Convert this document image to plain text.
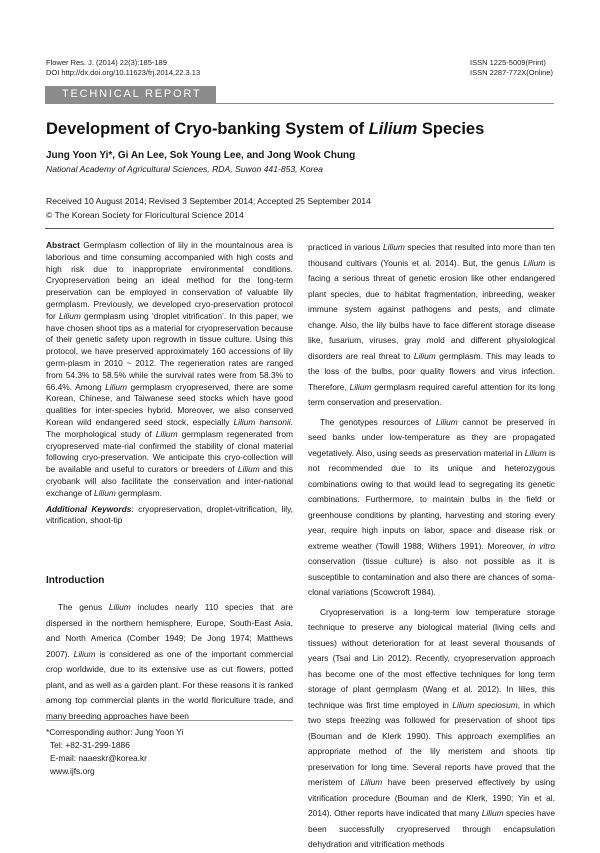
Flower Res. J. (2014) 22(3):185-189
DOI http://dx.doi.org/10.11623/frj.2014.22.3.13
ISSN 1225-5009(Print)
ISSN 2287-772X(Online)
TECHNICAL REPORT
Development of Cryo-banking System of Lilium Species
Jung Yoon Yi*, Gi An Lee, Sok Young Lee, and Jong Wook Chung
National Academy of Agricultural Sciences, RDA, Suwon 441-853, Korea
Received 10 August 2014; Revised 3 September 2014; Accepted 25 September 2014
© The Korean Society for Floricultural Science 2014

Abstract Germplasm collection of lily in the mountainous area is laborious and time consuming accompanied with high costs and high risk due to inappropriate environmental conditions. Cryopreservation being an ideal method for the long-term preservation can be employed in conservation of valuable lily germplasm. Previously, we developed cryo-preservation protocol for Lilium germplasm using ‘droplet vitrification’. In this paper, we have chosen shoot tips as a material for cryopreservation because of their genetic safety upon regrowth in tissue culture. Using this protocol, we have preserved approximately 160 accessions of lily germ-plasm in 2010 ~ 2012. The regeneration rates are ranged from 54.3% to 58.5% while the survival rates were from 58.3% to 66.4%. Among Lilium germplasm cryopreserved, there are some Korean, Chinese, and Taiwanese seed stocks which have good qualities for inter-species hybrid. Moreover, we also conserved Korean wild endangered seed stock, especially Lilium hansonii. The morphological study of Lilium germplasm regenerated from cryopreserved mate-rial confirmed the stability of clonal material following cryo-preservation. We anticipate this cryo-collection will be available and useful to curators or breeders of Lilium and this cryobank will also facilitate the conservation and inter-national exchange of Lilium germplasm.

Additional Keywords: cryopreservation, droplet-vitrification, lily, vitrification, shoot-tip

Introduction

The genus Lilium includes nearly 110 species that are dispersed in the northern hemisphere, Europe, South-East Asia, and North America (Comber 1949; De Jong 1974; Matthews 2007). Lilium is considered as one of the important commercial crop worldwide, due to its extensive use as cut flowers, potted plant, and as well as a garden plant. For these reasons it is ranked among top commercial plants in the world floriculture trade, and many breeding approaches have been

*Corresponding author: Jung Yoon Yi
Tel: +82-31-299-1886
E-mail: naaeskr@korea.kr
www.ijfs.org

practiced in various Lilium species that resulted into more than ten thousand cultivars (Younis et al. 2014). But, the genus Lilium is facing a serious threat of genetic erosion like other endangered plant species, due to habitat fragmentation, inbreeding, weaker immune system against pathogens and pests, and climate change. Also, the lily bulbs have to face different storage disease like, fusarium, viruses, gray mold and different physiological disorders are real threat to Lilium germplasm. This may leads to the loss of the bulbs, poor quality flowers and virus infection. Therefore, Lilium germplasm required careful attention for its long term conservation and preservation.

The genotypes resources of Lilium cannot be preserved in seed banks under low-temperature as they are propagated vegetatively. Also, using seeds as preservation material in Lilium is not recommended due to its unique and heterozygous combinations owing to that would lead to segregating its genetic combinations. Furthermore, to maintain bulbs in the field or greenhouse conditions by planting, harvesting and storing every year, require high inputs on labor, space and disease risk or extreme weather (Towill 1988; Withers 1991). Moreover, in vitro conservation (tissue culture) is also not possible as it is susceptible to contamination and also there are chances of soma-clonal variations (Scowcroft 1984).

Cryopreservation is a long-term low temperature storage technique to preserve any biological material (living cells and tissues) without deterioration for at least several thousands of years (Tsai and Lin 2012). Recently, cryopreservation approach has become one of the most effective techniques for long term storage of plant germplasm (Wang et al. 2012). In lilies, this technique was first time employed in Lilium speciosum, in which two steps freezing was followed for preservation of shoot tips (Bouman and de Klerk 1990). This approach exemplifies an appropriate method of the lily meristem and shoots tip preservation for long time. Several reports have proved that the meristem of Lilium have been preserved effectively by using vitrification procedure (Bouman and de Klerk, 1990; Yin et al. 2014). Other reports have indicated that many Lilium species have been successfully cryopreserved through encapsulation dehydration and vitrification methods
